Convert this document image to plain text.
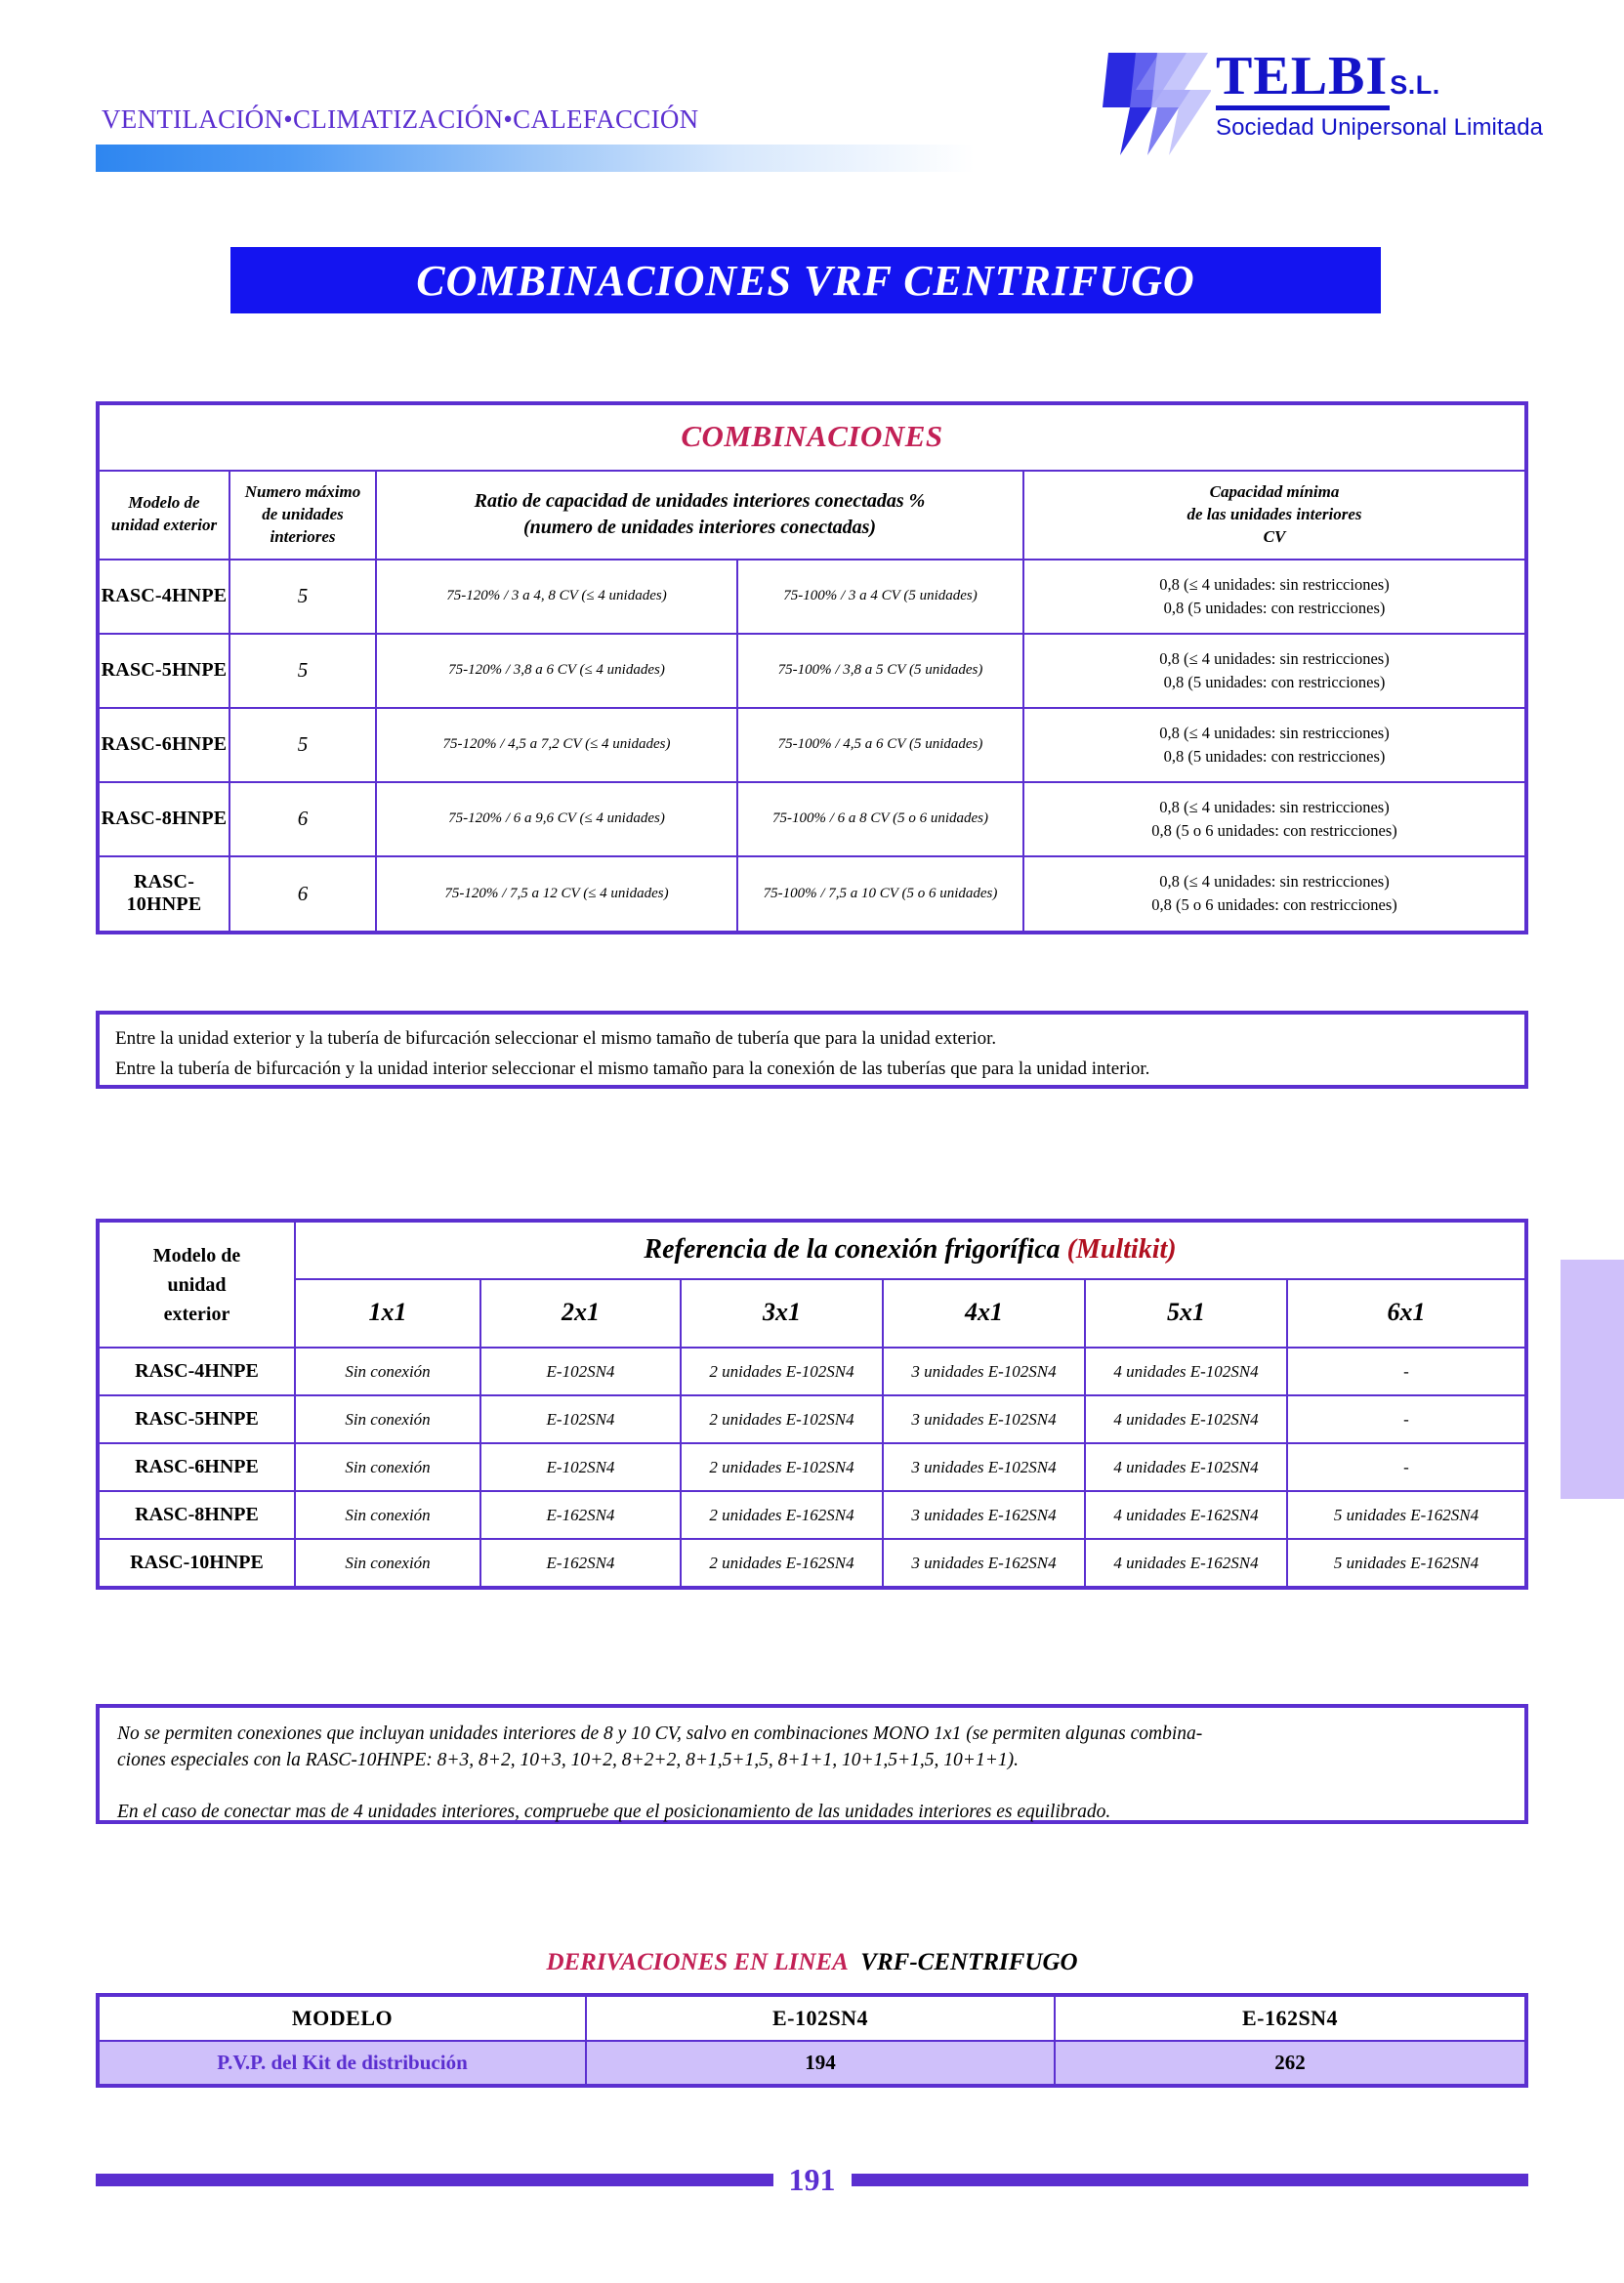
VENTILACIÓN•CLIMATIZACIÓN•CALEFACCIÓN
TELBIS.L.
Sociedad Unipersonal Limitada
COMBINACIONES VRF CENTRIFUGO
COMBINACIONES				

Modelo de
unidad exterior

Numero máximo
de unidades interiores

Ratio de capacidad de unidades interiores conectadas %
(numero de unidades interiores conectadas)

Capacidad mínima
de las unidades interiores
CV

RASC-4HNPE	5	75-120% / 3 a 4, 8 CV (≤ 4 unidades)	75-100% / 3 a 4 CV (5 unidades)	0,8 (≤ 4 unidades: sin restricciones)
0,8 (5 unidades: con restricciones)

RASC-5HNPE	5	75-120% / 3,8 a 6 CV (≤ 4 unidades)	75-100% / 3,8 a 5 CV (5 unidades)	0,8 (≤ 4 unidades: sin restricciones)
0,8 (5 unidades: con restricciones)

RASC-6HNPE	5	75-120% / 4,5 a 7,2 CV (≤ 4 unidades)	75-100% / 4,5 a 6 CV (5 unidades)	0,8 (≤ 4 unidades: sin restricciones)
0,8 (5 unidades: con restricciones)

RASC-8HNPE	6	75-120% / 6 a 9,6 CV (≤ 4 unidades)	75-100% / 6 a 8 CV (5 o 6 unidades)	0,8 (≤ 4 unidades: sin restricciones)
0,8 (5 o 6 unidades: con restricciones)

RASC-10HNPE	6	75-120% / 7,5 a 12 CV (≤ 4 unidades)	75-100% / 7,5 a 10 CV (5 o 6 unidades)	0,8 (≤ 4 unidades: sin restricciones)
0,8 (5 o 6 unidades: con restricciones)

Entre la unidad exterior y la tubería de bifurcación seleccionar el mismo tamaño de tubería que para la unidad exterior.

Entre la tubería de bifurcación y la unidad interior seleccionar el mismo tamaño para la conexión de las tuberías que para la unidad interior.

Modelo de
unidad
exterior	Referencia de la conexión frigorífica (Multikit)					
	1x1	2x1	3x1	4x1	5x1	6x1
RASC-4HNPE	Sin conexión	E-102SN4	2 unidades E-102SN4	3 unidades E-102SN4	4 unidades E-102SN4	-
RASC-5HNPE	Sin conexión	E-102SN4	2 unidades E-102SN4	3 unidades E-102SN4	4 unidades E-102SN4	-
RASC-6HNPE	Sin conexión	E-102SN4	2 unidades E-102SN4	3 unidades E-102SN4	4 unidades E-102SN4	-
RASC-8HNPE	Sin conexión	E-162SN4	2 unidades E-162SN4	3 unidades E-162SN4	4 unidades E-162SN4	5 unidades E-162SN4
RASC-10HNPE	Sin conexión	E-162SN4	2 unidades E-162SN4	3 unidades E-162SN4	4 unidades E-162SN4	5 unidades E-162SN4

No se permiten conexiones que incluyan unidades interiores de 8 y 10 CV, salvo en combinaciones MONO 1x1 (se permiten algunas combina-
ciones especiales con la RASC-10HNPE: 8+3, 8+2, 10+3, 10+2, 8+2+2, 8+1,5+1,5, 8+1+1, 10+1,5+1,5, 10+1+1).

En el caso de conectar mas de 4 unidades interiores, compruebe que el posicionamiento de las unidades interiores es equilibrado.

DERIVACIONES EN LINEA VRF-CENTRIFUGO
MODELO	E-102SN4	E-162SN4
P.V.P. del Kit de distribución	194	262
191
